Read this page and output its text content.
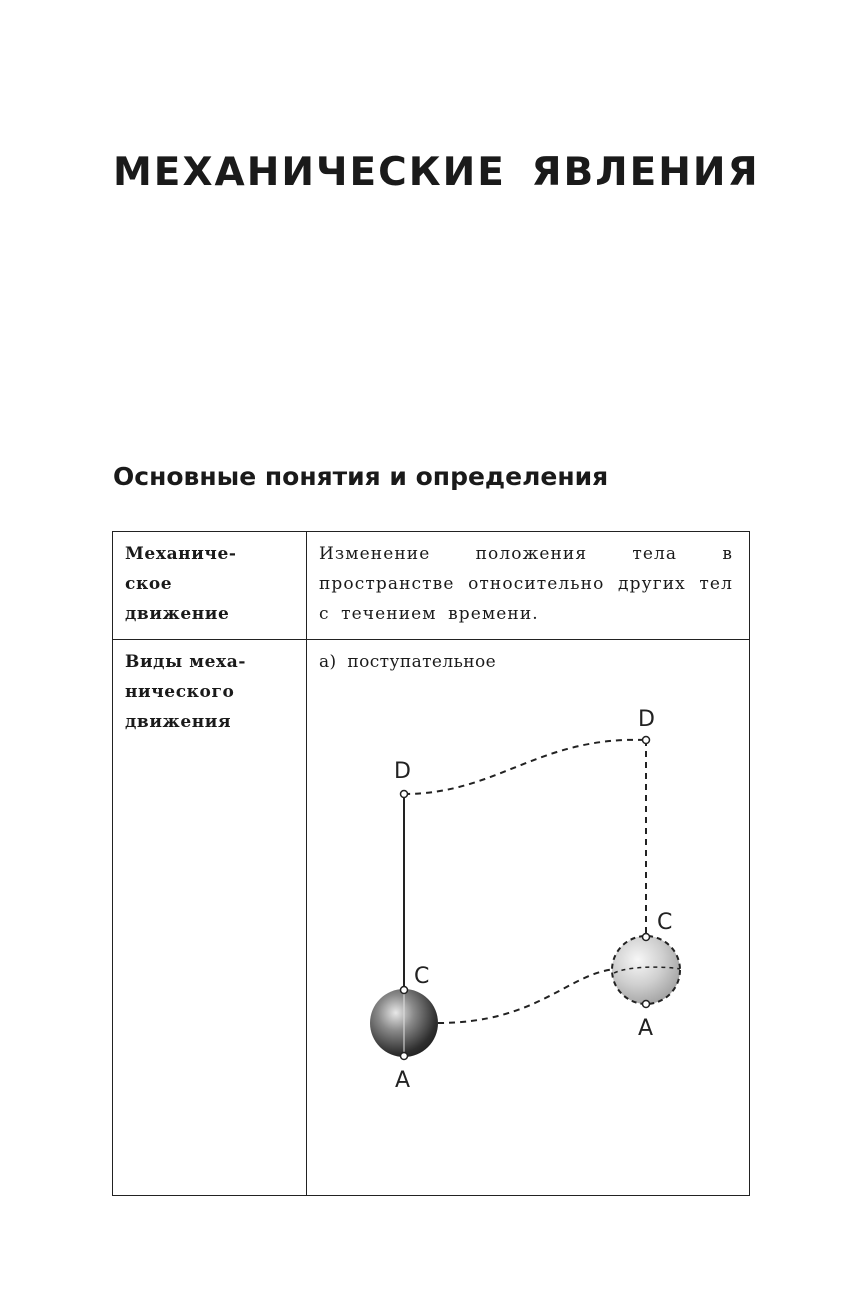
МЕХАНИЧЕСКИЕ ЯВЛЕНИЯ
Основные понятия и определения
Механиче-
ское
движение	Изменение положения тела в пространстве относительно других тел с течением времени.

Виды меха-
нического
движения	а) поступательное
D
C
A
D
C
A
